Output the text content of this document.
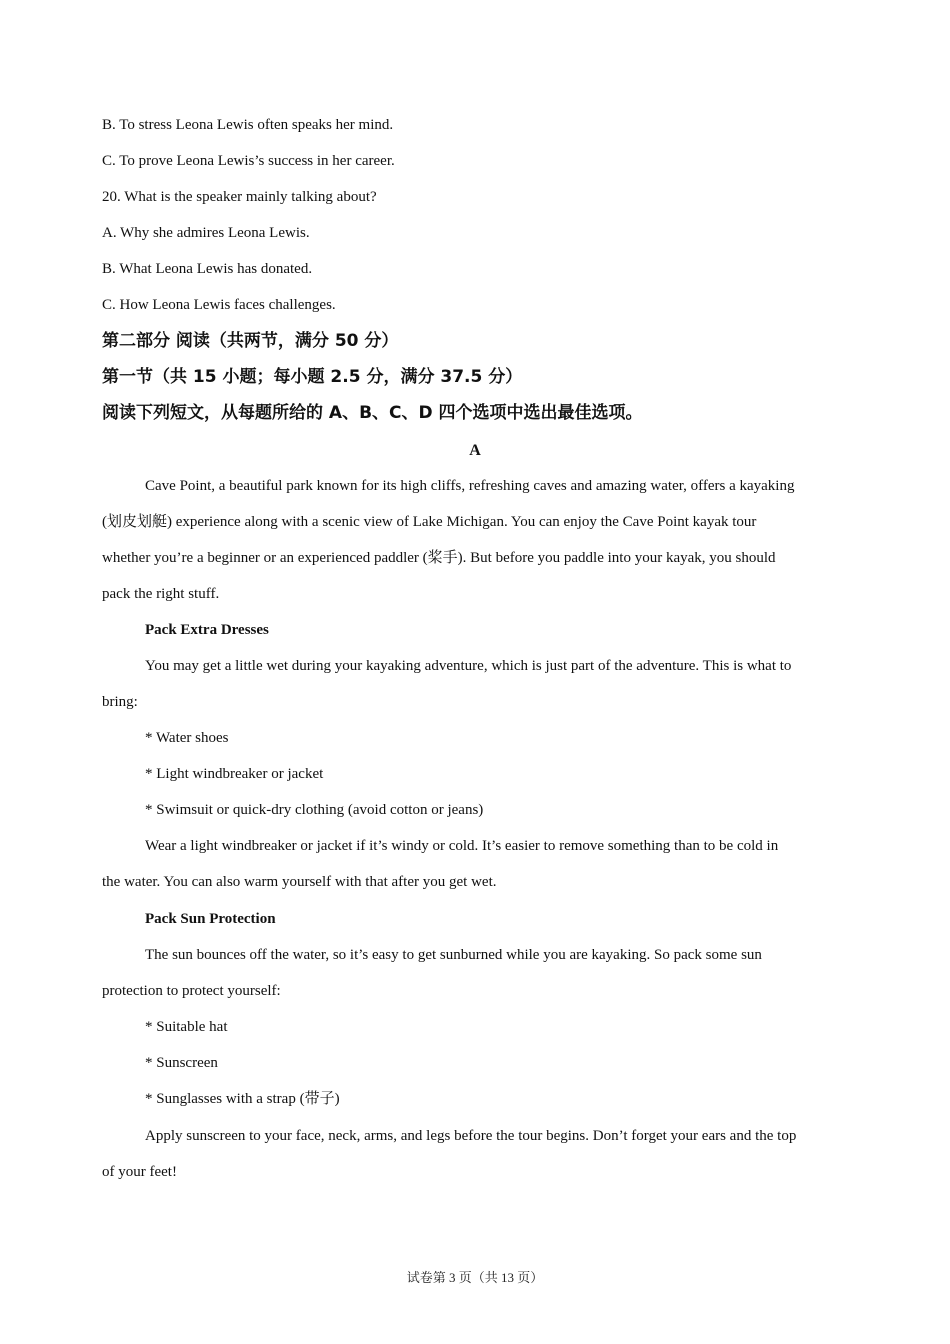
B. To stress Leona Lewis often speaks her mind.
C. To prove Leona Lewis’s success in her career.
20. What is the speaker mainly talking about?
A. Why she admires Leona Lewis.
B. What Leona Lewis has donated.
C. How Leona Lewis faces challenges.
第二部分 阅读（共两节，满分 50 分）
第一节（共 15 小题；每小题 2.5 分，满分 37.5 分）
阅读下列短文，从每题所给的 A、B、C、D 四个选项中选出最佳选项。
A
Cave Point, a beautiful park known for its high cliffs, refreshing caves and amazing water, offers a kayaking
(划皮划艇) experience along with a scenic view of Lake Michigan. You can enjoy the Cave Point kayak tour
whether you’re a beginner or an experienced paddler (桨手). But before you paddle into your kayak, you should
pack the right stuff.
Pack Extra Dresses
You may get a little wet during your kayaking adventure, which is just part of the adventure. This is what to
bring:
* Water shoes
* Light windbreaker or jacket
* Swimsuit or quick-dry clothing (avoid cotton or jeans)
Wear a light windbreaker or jacket if it’s windy or cold. It’s easier to remove something than to be cold in
the water. You can also warm yourself with that after you get wet.
Pack Sun Protection
The sun bounces off the water, so it’s easy to get sunburned while you are kayaking. So pack some sun
protection to protect yourself:
* Suitable hat
* Sunscreen
* Sunglasses with a strap (带子)
Apply sunscreen to your face, neck, arms, and legs before the tour begins. Don’t forget your ears and the top
of your feet!
试卷第 3 页（共 13 页）
